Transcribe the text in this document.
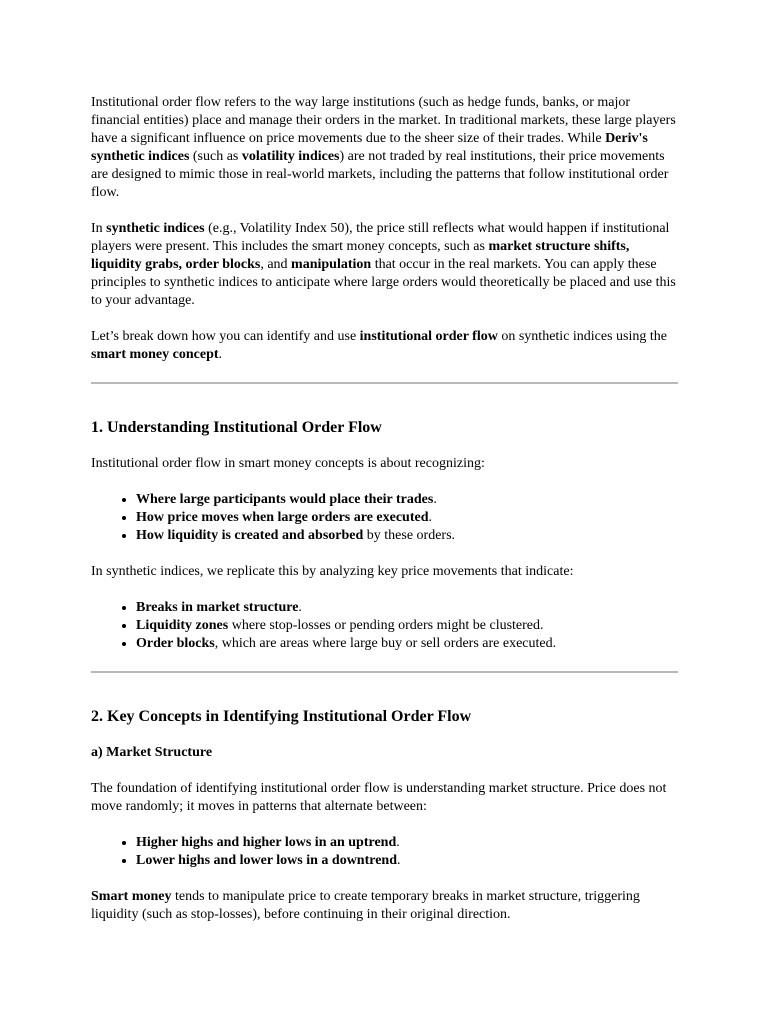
Institutional order flow refers to the way large institutions (such as hedge funds, banks, or major financial entities) place and manage their orders in the market. In traditional markets, these large players have a significant influence on price movements due to the sheer size of their trades. While Deriv's synthetic indices (such as volatility indices) are not traded by real institutions, their price movements are designed to mimic those in real-world markets, including the patterns that follow institutional order flow.

In synthetic indices (e.g., Volatility Index 50), the price still reflects what would happen if institutional players were present. This includes the smart money concepts, such as market structure shifts, liquidity grabs, order blocks, and manipulation that occur in the real markets. You can apply these principles to synthetic indices to anticipate where large orders would theoretically be placed and use this to your advantage.

Let’s break down how you can identify and use institutional order flow on synthetic indices using the smart money concept.

1. Understanding Institutional Order Flow

Institutional order flow in smart money concepts is about recognizing:

• Where large participants would place their trades.
• How price moves when large orders are executed.
• How liquidity is created and absorbed by these orders.

In synthetic indices, we replicate this by analyzing key price movements that indicate:

• Breaks in market structure.
• Liquidity zones where stop-losses or pending orders might be clustered.
• Order blocks, which are areas where large buy or sell orders are executed.
2. Key Concepts in Identifying Institutional Order Flow
a) Market Structure

The foundation of identifying institutional order flow is understanding market structure. Price does not move randomly; it moves in patterns that alternate between:

• Higher highs and higher lows in an uptrend.
• Lower highs and lower lows in a downtrend.

Smart money tends to manipulate price to create temporary breaks in market structure, triggering liquidity (such as stop-losses), before continuing in their original direction.
